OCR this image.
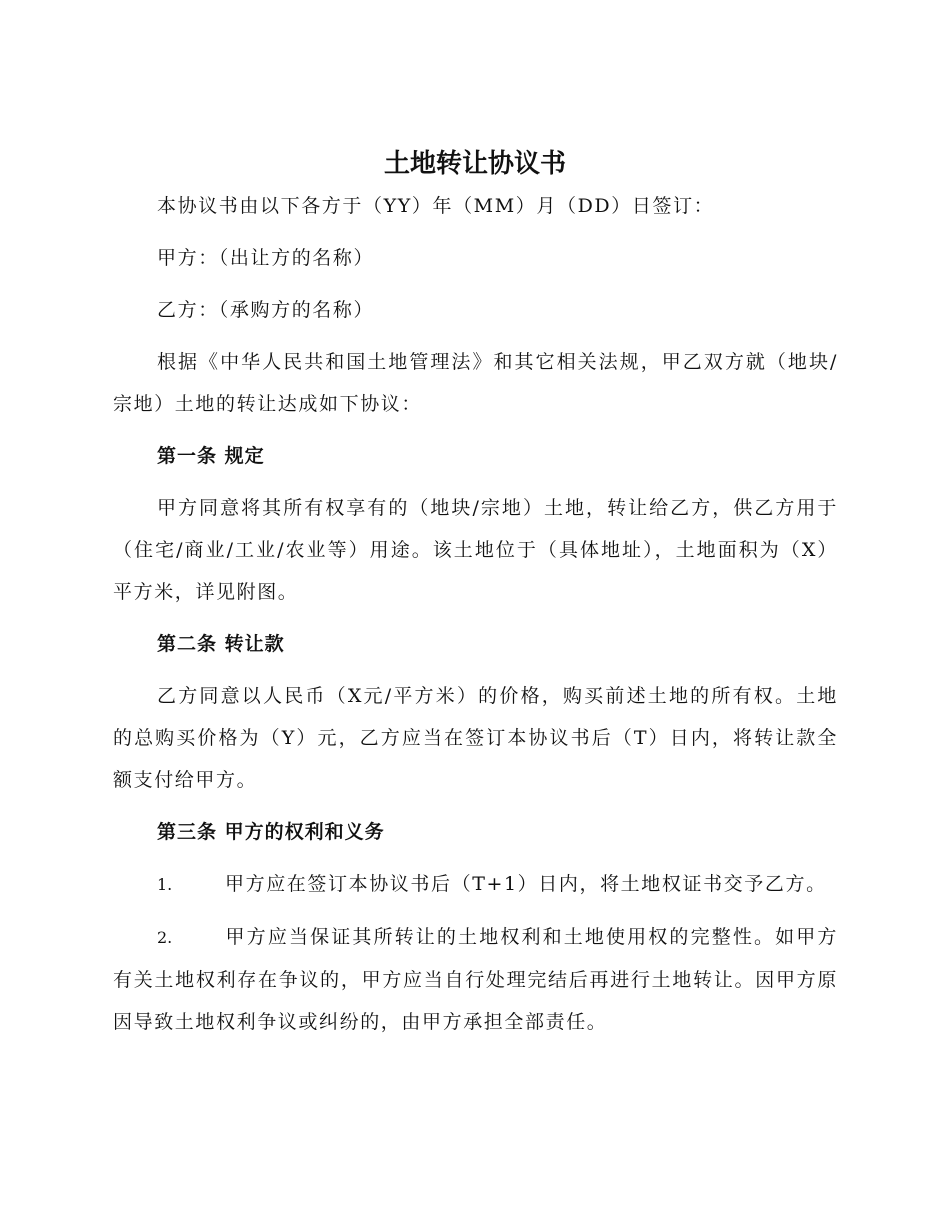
土地转让协议书

本协议书由以下各方于（YY）年（MM）月（DD）日签订：

甲方：（出让方的名称）

乙方：（承购方的名称）

根据《中华人民共和国土地管理法》和其它相关法规，甲乙双方就（地块/宗地）土地的转让达成如下协议：

第一条 规定

甲方同意将其所有权享有的（地块/宗地）土地，转让给乙方，供乙方用于（住宅/商业/工业/农业等）用途。该土地位于（具体地址），土地面积为（X）平方米，详见附图。

第二条 转让款

乙方同意以人民币（X元/平方米）的价格，购买前述土地的所有权。土地的总购买价格为（Y）元，乙方应当在签订本协议书后（T）日内，将转让款全额支付给甲方。

第三条 甲方的权利和义务

1.	甲方应在签订本协议书后（T+1）日内，将土地权证书交予乙方。

2.	甲方应当保证其所转让的土地权利和土地使用权的完整性。如甲方有关土地权利存在争议的，甲方应当自行处理完结后再进行土地转让。因甲方原因导致土地权利争议或纠纷的，由甲方承担全部责任。
